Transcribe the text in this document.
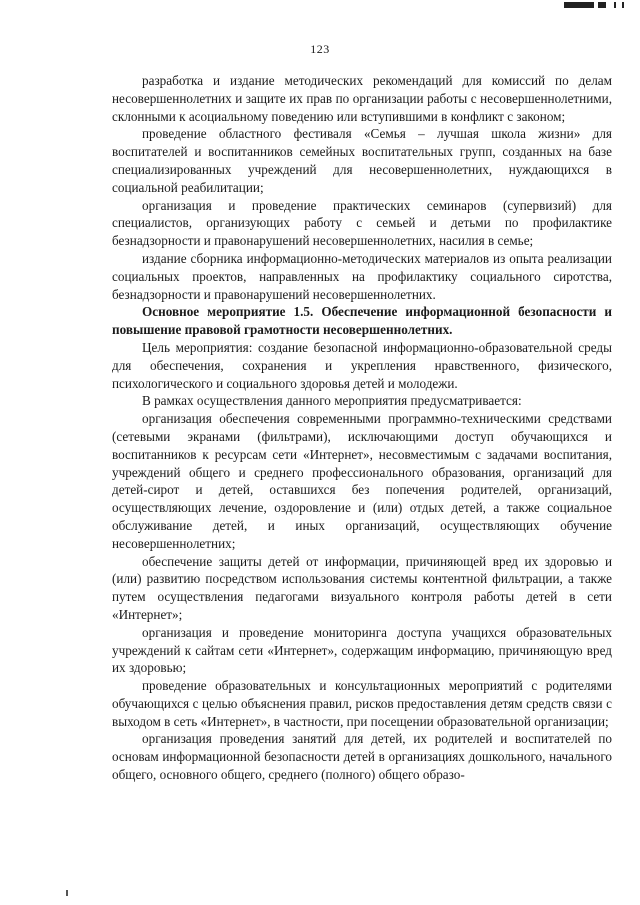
123

разработка и издание методических рекомендаций для комиссий по делам несовершеннолетних и защите их прав по организации работы с несовершеннолетними, склонными к асоциальному поведению или вступившими в конфликт с законом;

проведение областного фестиваля «Семья – лучшая школа жизни» для воспитателей и воспитанников семейных воспитательных групп, созданных на базе специализированных учреждений для несовершеннолетних, нуждающихся в социальной реабилитации;

организация и проведение практических семинаров (супервизий) для специалистов, организующих работу с семьей и детьми по профилактике безнадзорности и правонарушений несовершеннолетних, насилия в семье;

издание сборника информационно-методических материалов из опыта реализации социальных проектов, направленных на профилактику социального сиротства, безнадзорности и правонарушений несовершеннолетних.

Основное мероприятие 1.5. Обеспечение информационной безопасности и повышение правовой грамотности несовершеннолетних.

Цель мероприятия: создание безопасной информационно-образовательной среды для обеспечения, сохранения и укрепления нравственного, физического, психологического и социального здоровья детей и молодежи.

В рамках осуществления данного мероприятия предусматривается:

организация обеспечения современными программно-техническими средствами (сетевыми экранами (фильтрами), исключающими доступ обучающихся и воспитанников к ресурсам сети «Интернет», несовместимым с задачами воспитания, учреждений общего и среднего профессионального образования, организаций для детей-сирот и детей, оставшихся без попечения родителей, организаций, осуществляющих лечение, оздоровление и (или) отдых детей, а также социальное обслуживание детей, и иных организаций, осуществляющих обучение несовершеннолетних;

обеспечение защиты детей от информации, причиняющей вред их здоровью и (или) развитию посредством использования системы контентной фильтрации, а также путем осуществления педагогами визуального контроля работы детей в сети «Интернет»;

организация и проведение мониторинга доступа учащихся образовательных учреждений к сайтам сети «Интернет», содержащим информацию, причиняющую вред их здоровью;

проведение образовательных и консультационных мероприятий с родителями обучающихся с целью объяснения правил, рисков предоставления детям средств связи с выходом в сеть «Интернет», в частности, при посещении образовательной организации;

организация проведения занятий для детей, их родителей и воспитателей по основам информационной безопасности детей в организациях дошкольного, начального общего, основного общего, среднего (полного) общего образо-
